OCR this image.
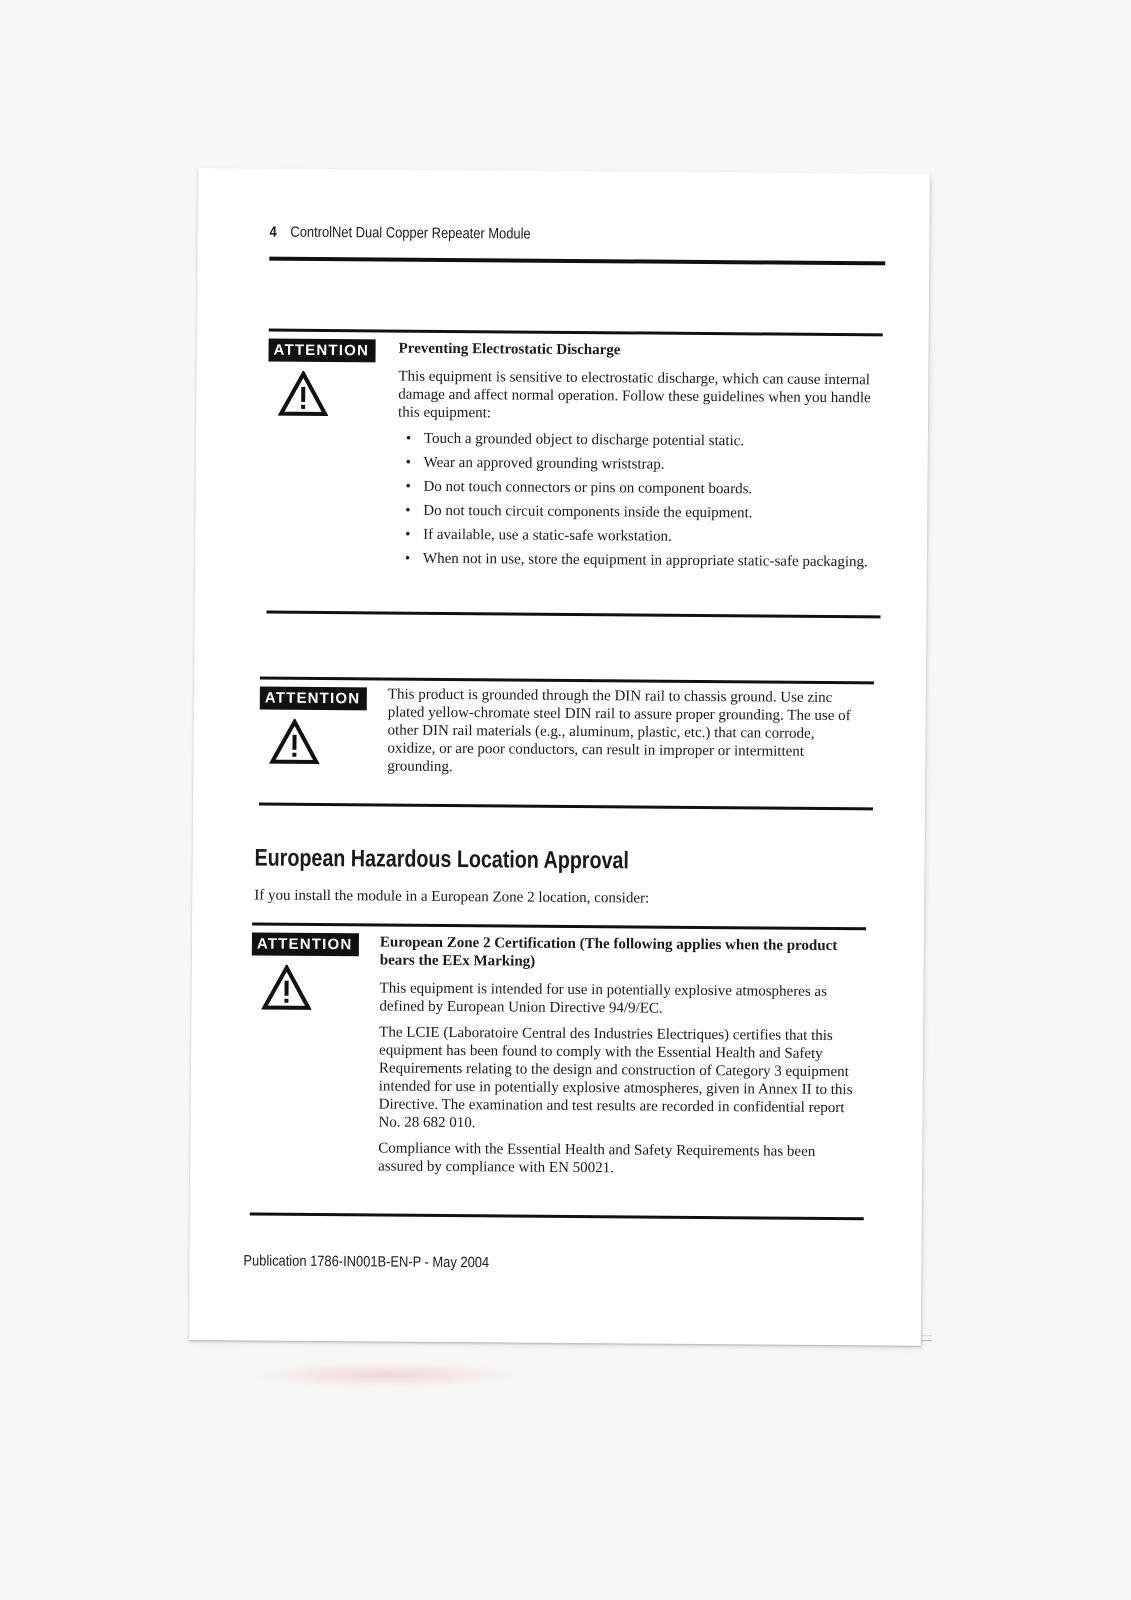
4 ControlNet Dual Copper Repeater Module
ATTENTION	Preventing Electrostatic Discharge

This equipment is sensitive to electrostatic discharge, which can cause internal damage and affect normal operation. Follow these guidelines when you handle this equipment:

• Touch a grounded object to discharge potential static.
• Wear an approved grounding wriststrap.
• Do not touch connectors or pins on component boards.
• Do not touch circuit components inside the equipment.
• If available, use a static-safe workstation.
• When not in use, store the equipment in appropriate static-safe packaging.
ATTENTION	This product is grounded through the DIN rail to chassis ground. Use zinc plated yellow-chromate steel DIN rail to assure proper grounding. The use of other DIN rail materials (e.g., aluminum, plastic, etc.) that can corrode, oxidize, or are poor conductors, can result in improper or intermittent grounding.

European Hazardous Location Approval
If you install the module in a European Zone 2 location, consider:
ATTENTION	European Zone 2 Certification (The following applies when the product bears the EEx Marking)

This equipment is intended for use in potentially explosive atmospheres as defined by European Union Directive 94/9/EC.

The LCIE (Laboratoire Central des Industries Electriques) certifies that this equipment has been found to comply with the Essential Health and Safety Requirements relating to the design and construction of Category 3 equipment intended for use in potentially explosive atmospheres, given in Annex II to this Directive. The examination and test results are recorded in confidential report No. 28 682 010.

Compliance with the Essential Health and Safety Requirements has been assured by compliance with EN 50021.

Publication 1786-IN001B-EN-P - May 2004
